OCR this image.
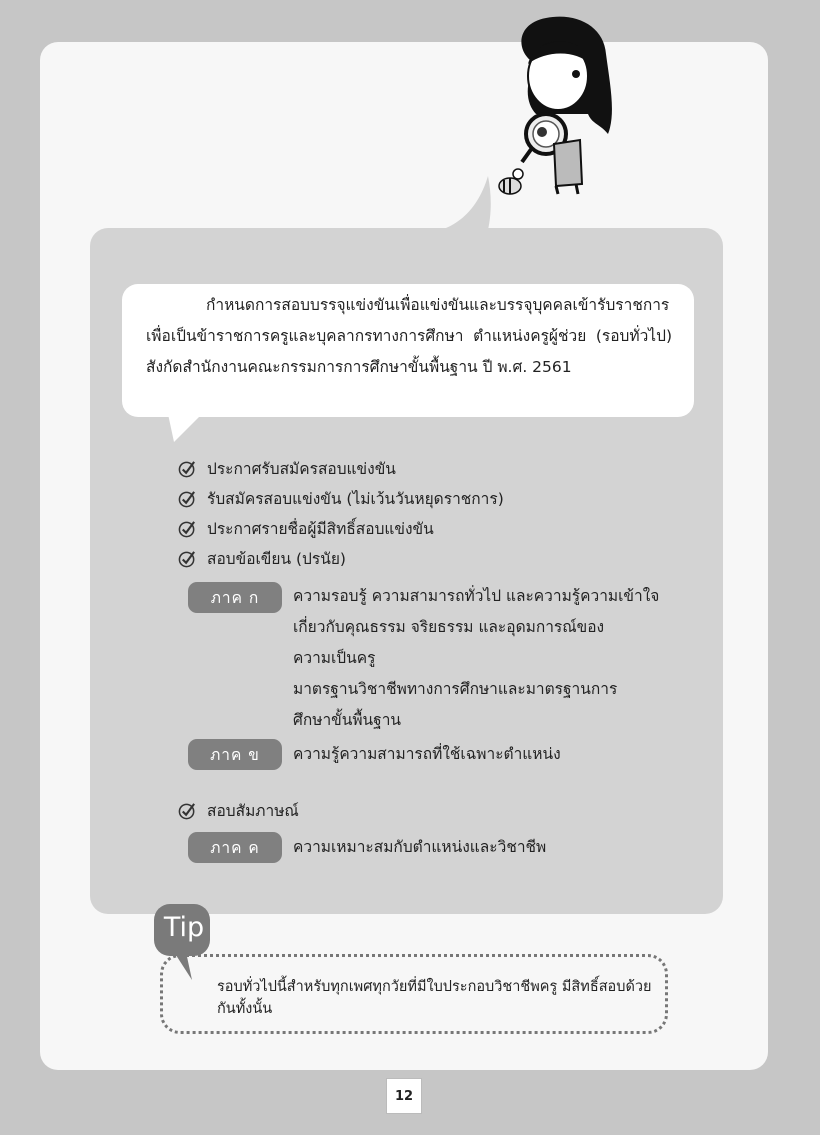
กำหนดการสอบบรรจุแข่งขันเพื่อแข่งขันและบรรจุบุคคลเข้ารับราชการเพื่อเป็นข้าราชการครูและบุคลากรทางการศึกษา ตำแหน่งครูผู้ช่วย (รอบทั่วไป) สังกัดสำนักงานคณะกรรมการการศึกษาขั้นพื้นฐาน ปี พ.ศ. 2561

ประกาศรับสมัครสอบแข่งขัน
รับสมัครสอบแข่งขัน (ไม่เว้นวันหยุดราชการ)
ประกาศรายชื่อผู้มีสิทธิ์สอบแข่งขัน
สอบข้อเขียน (ปรนัย)
ภาค ก	ความรอบรู้ ความสามารถทั่วไป และความรู้ความเข้าใจ
เกี่ยวกับคุณธรรม จริยธรรม และอุดมการณ์ของ
ความเป็นครู
มาตรฐานวิชาชีพทางการศึกษาและมาตรฐานการ
ศึกษาขั้นพื้นฐาน
ภาค ข	ความรู้ความสามารถที่ใช้เฉพาะตำแหน่ง
สอบสัมภาษณ์
ภาค ค	ความเหมาะสมกับตำแหน่งและวิชาชีพ
Tip
รอบทั่วไปนี้สำหรับทุกเพศทุกวัยที่มีใบประกอบวิชาชีพครู มีสิทธิ์สอบด้วยกันทั้งนั้น
12
